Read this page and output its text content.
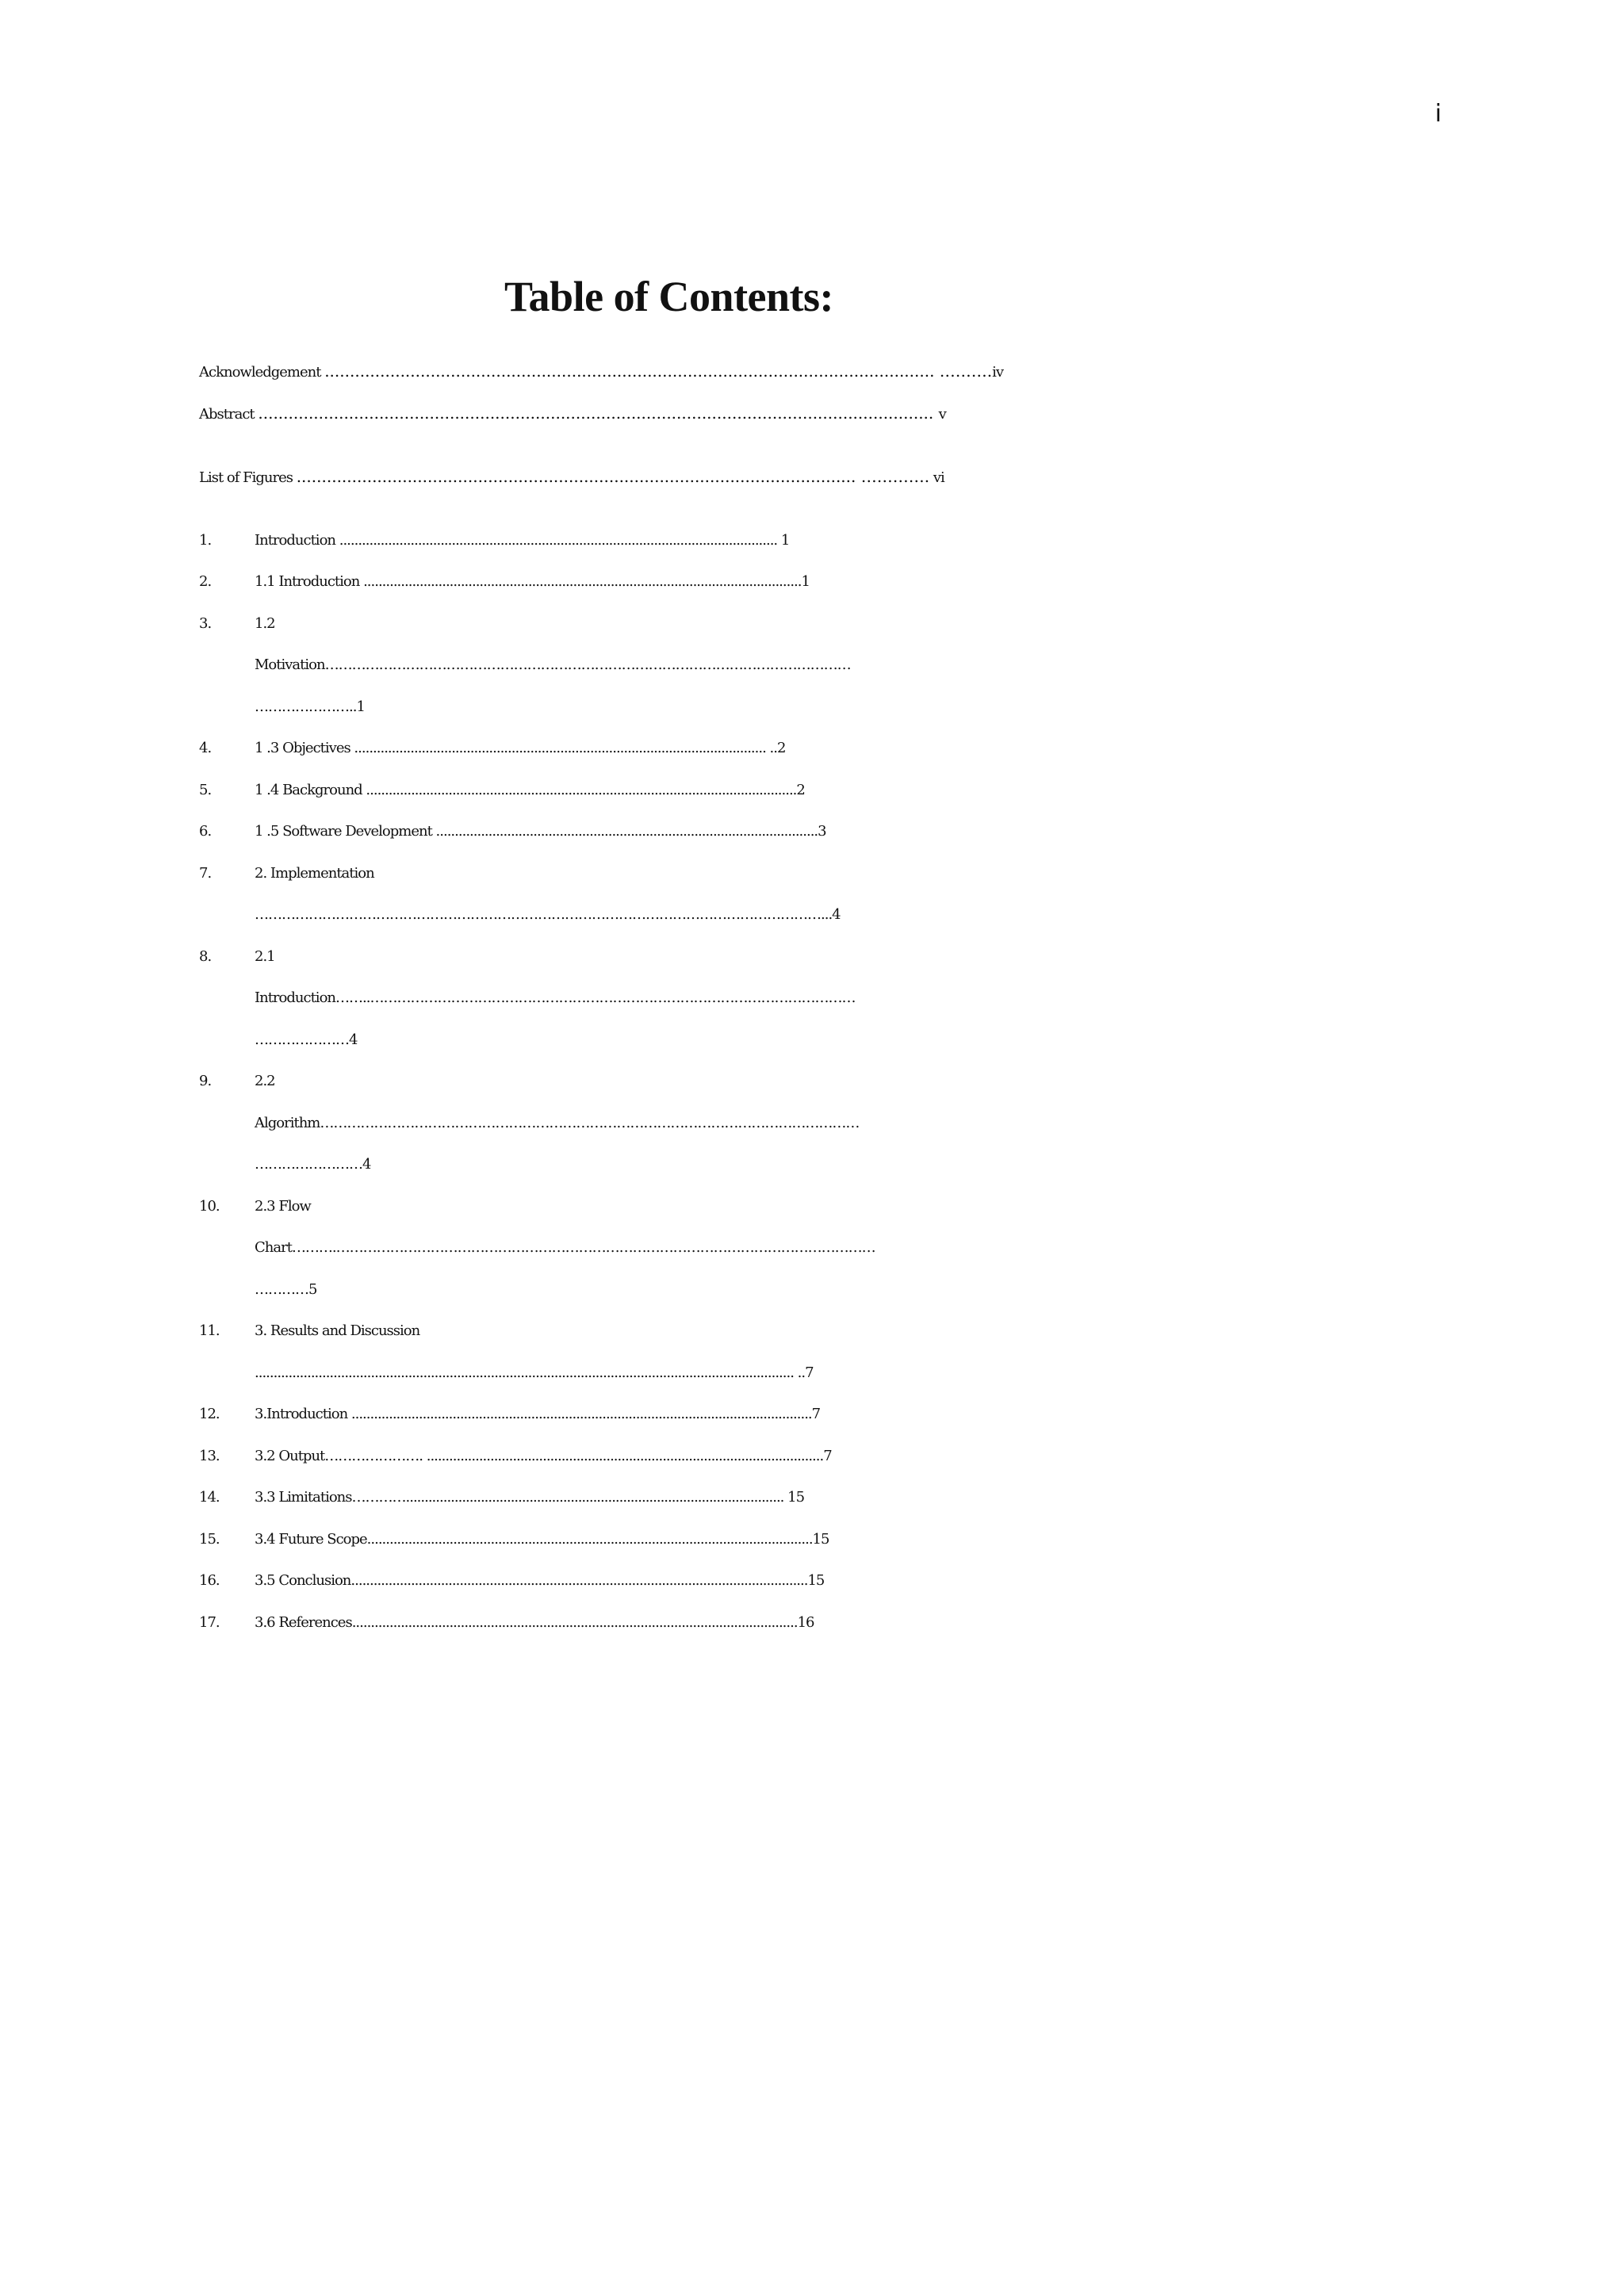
i
Table of Contents:
Acknowledgement ......................................................................................................................... ……….iv
Abstract ...................................................................................................................................... v
List of Figures ............................................................................................................... …………. vi
1.	Introduction ..................................................................................................................... 1
2.	1.1 Introduction .....................................................................................................................1
3.	1.2
Motivation………………………………………………………………………………………………………
…………………..1
4.	1 .3 Objectives .............................................................................................................. ..2
5.	1 .4 Background ...................................................................................................................2
6.	1 .5 Software Development ......................................................................................................3
7.	2. Implementation
………………………………………………………………………………………………………………...4
8.	2.1
Introduction……..………………………………………………………………………………………………
…………………4
9.	2.2
Algorithm…………………………………………………………………………………………………………
……………………4
10. 2.3 Flow
Chart……….…………………………………………………………………………………………………………
…………5
11. 3. Results and Discussion
................................................................................................................................................ ..7
12. 3.Introduction ...........................................................................................................................7
13. 3.2 Output…………………. ..........................................................................................................7
14. 3.3 Limitations…………..................................................................................................... 15
15. 3.4 Future Scope.......................................................................................................................15
16. 3.5 Conclusion..........................................................................................................................15
17. 3.6 References.......................................................................................................................16
